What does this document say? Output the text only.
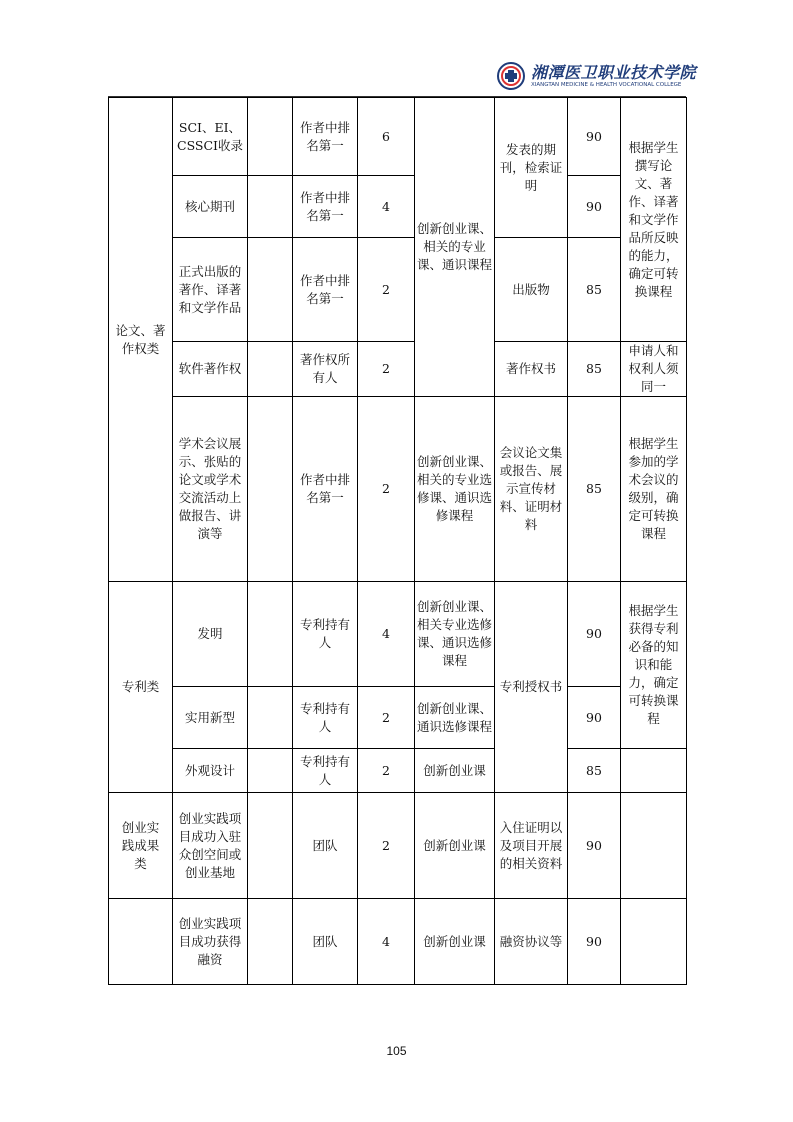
湘潭医卫职业技术学院
XIANGTAN MEDICINE & HEALTH VOCATIONAL COLLEGE
论文、著作权类	SCI、EI、CSSCI收录		作者中排名第一	6	创新创业课、相关的专业课、通识课程	发表的期刊，检索证明	90	根据学生撰写论文、著作、译著和文学作品所反映的能力，确定可转换课程

	核心期刊		作者中排名第一	4			90	

	正式出版的著作、译著和文学作品		作者中排名第一	2		出版物	85	

	软件著作权		著作权所有人	2		著作权书	85	申请人和权利人须同一

	学术会议展示、张贴的论文或学术交流活动上做报告、讲演等		作者中排名第一	2	创新创业课、相关的专业选修课、通识选修课程	会议论文集或报告、展示宣传材料、证明材料	85	根据学生参加的学术会议的级别，确定可转换课程

专利类	发明		专利持有人	4	创新创业课、相关专业选修课、通识选修课程	专利授权书	90	根据学生获得专利必备的知识和能力，确定可转换课程

	实用新型		专利持有人	2	创新创业课、通识选修课程		90	

	外观设计		专利持有人	2	创新创业课		85	

创业实践成果类	创业实践项目成功入驻众创空间或创业基地		团队	2	创新创业课	入住证明以及项目开展的相关资料	90	

	创业实践项目成功获得融资		团队	4	创新创业课	融资协议等	90	

105
